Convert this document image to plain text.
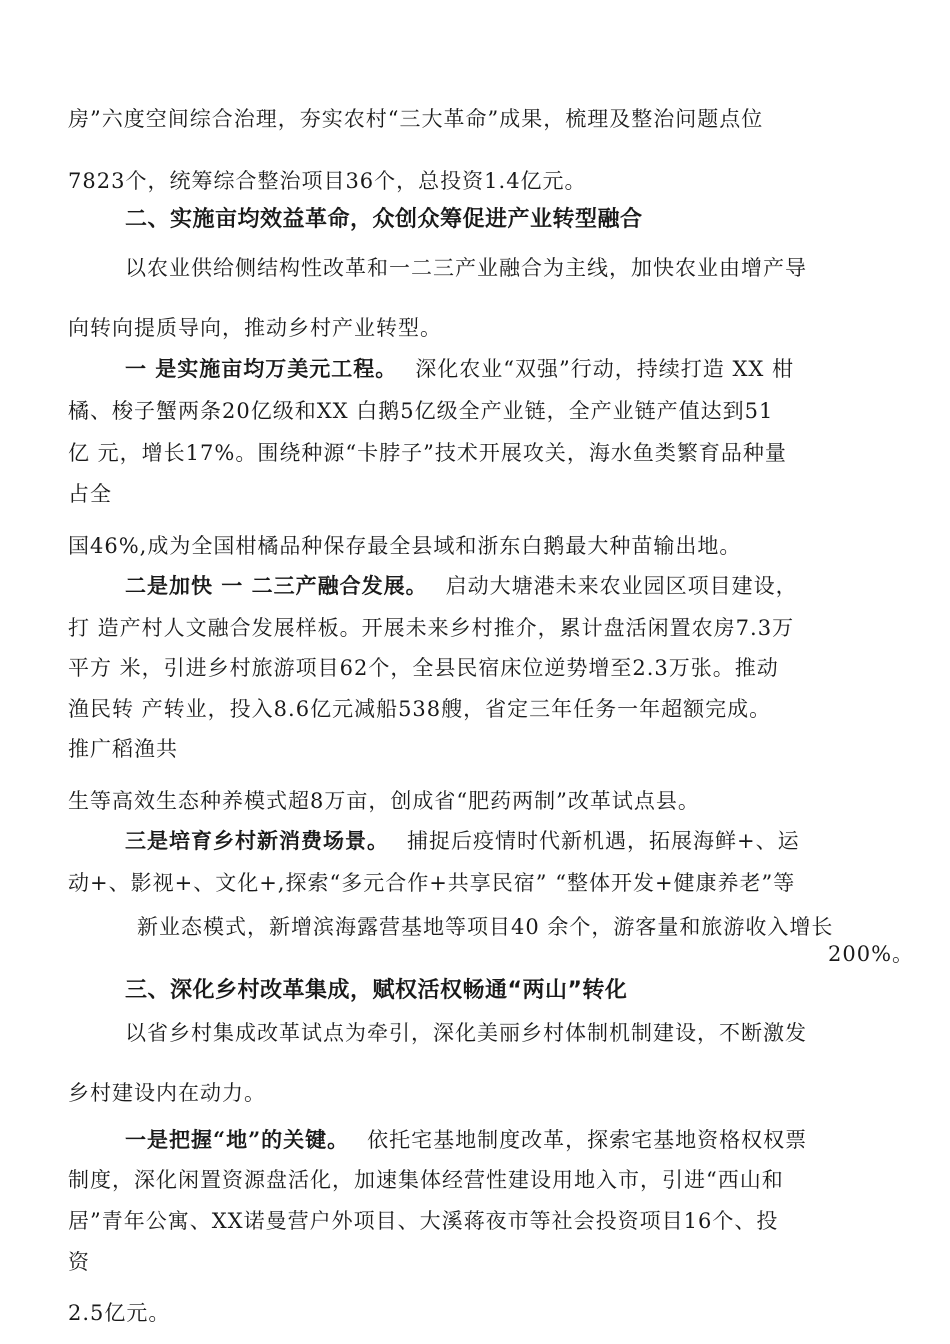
房”六度空间综合治理，夯实农村“三大革命”成果，梳理及整治问题点位
7823个，统筹综合整治项目36个，总投资1.4亿元。
二、实施亩均效益革命，众创众筹促进产业转型融合
以农业供给侧结构性改革和一二三产业融合为主线，加快农业由增产导
向转向提质导向，推动乡村产业转型。
一 是实施亩均万美元工程。 深化农业“双强”行动，持续打造 XX 柑
橘、梭子蟹两条20亿级和XX 白鹅5亿级全产业链，全产业链产值达到51
亿 元，增长17%。围绕种源“卡脖子”技术开展攻关，海水鱼类繁育品种量
占全
国46%,成为全国柑橘品种保存最全县域和浙东白鹅最大种苗输出地。
二是加快 一 二三产融合发展。 启动大塘港未来农业园区项目建设，
打 造产村人文融合发展样板。开展未来乡村推介，累计盘活闲置农房7.3万
平方 米，引进乡村旅游项目62个，全县民宿床位逆势增至2.3万张。推动
渔民转 产转业，投入8.6亿元减船538艘，省定三年任务一年超额完成。
推广稻渔共
生等高效生态种养模式超8万亩，创成省“肥药两制”改革试点县。
三是培育乡村新消费场景。 捕捉后疫情时代新机遇，拓展海鲜+、运
动+、影视+、文化+,探索“多元合作+共享民宿” “整体开发+健康养老”等
新业态模式，新增滨海露营基地等项目40 余个，游客量和旅游收入增长
200%。
三、深化乡村改革集成，赋权活权畅通“两山”转化
以省乡村集成改革试点为牵引，深化美丽乡村体制机制建设，不断激发
乡村建设内在动力。
一是把握“地”的关键。 依托宅基地制度改革，探索宅基地资格权权票
制度，深化闲置资源盘活化，加速集体经营性建设用地入市，引进“西山和
居”青年公寓、XX诺曼营户外项目、大溪蒋夜市等社会投资项目16个、投
资
2.5亿元。
